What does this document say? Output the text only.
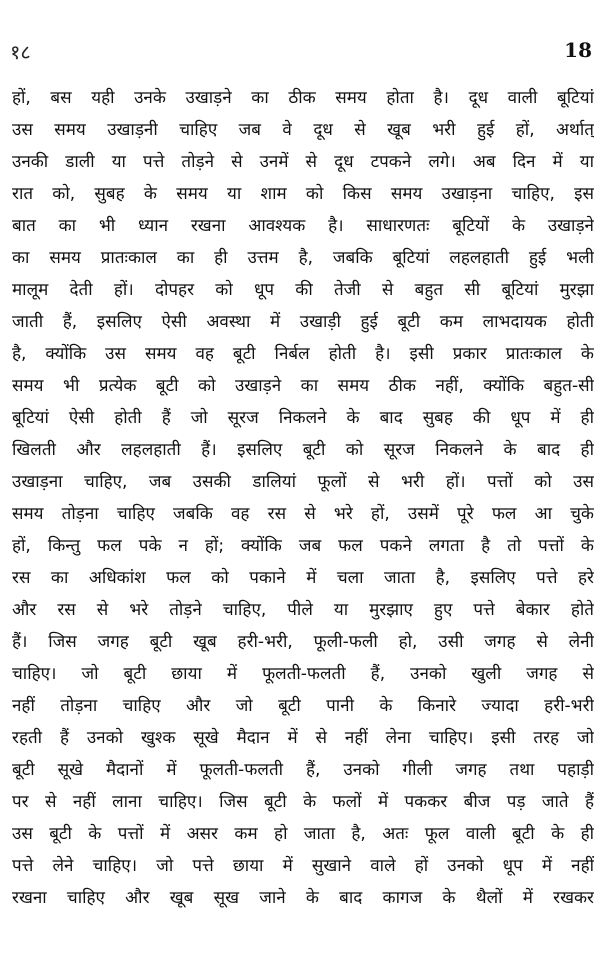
१८	18
हों, बस यही उनके उखाड़ने का ठीक समय होता है। दूध वाली बूटियां
उस समय उखाड़नी चाहिए जब वे दूध से खूब भरी हुई हों, अर्थात्
उनकी डाली या पत्ते तोड़ने से उनमें से दूध टपकने लगे। अब दिन में या
रात को, सुबह के समय या शाम को किस समय उखाड़ना चाहिए, इस
बात का भी ध्यान रखना आवश्यक है। साधारणतः बूटियों के उखाड़ने
का समय प्रातःकाल का ही उत्तम है, जबकि बूटियां लहलहाती हुई भली
मालूम देती हों। दोपहर को धूप की तेजी से बहुत सी बूटियां मुरझा
जाती हैं, इसलिए ऐसी अवस्था में उखाड़ी हुई बूटी कम लाभदायक होती
है, क्योंकि उस समय वह बूटी निर्बल होती है। इसी प्रकार प्रातःकाल के
समय भी प्रत्येक बूटी को उखाड़ने का समय ठीक नहीं, क्योंकि बहुत-सी
बूटियां ऐसी होती हैं जो सूरज निकलने के बाद सुबह की धूप में ही
खिलती और लहलहाती हैं। इसलिए बूटी को सूरज निकलने के बाद ही
उखाड़ना चाहिए, जब उसकी डालियां फूलों से भरी हों। पत्तों को उस
समय तोड़ना चाहिए जबकि वह रस से भरे हों, उसमें पूरे फल आ चुके
हों, किन्तु फल पके न हों; क्योंकि जब फल पकने लगता है तो पत्तों के
रस का अधिकांश फल को पकाने में चला जाता है, इसलिए पत्ते हरे
और रस से भरे तोड़ने चाहिए, पीले या मुरझाए हुए पत्ते बेकार होते
हैं। जिस जगह बूटी खूब हरी-भरी, फूली-फली हो, उसी जगह से लेनी
चाहिए। जो बूटी छाया में फूलती-फलती हैं, उनको खुली जगह से
नहीं तोड़ना चाहिए और जो बूटी पानी के किनारे ज्यादा हरी-भरी
रहती हैं उनको खुश्क सूखे मैदान में से नहीं लेना चाहिए। इसी तरह जो
बूटी सूखे मैदानों में फूलती-फलती हैं, उनको गीली जगह तथा पहाड़ी
पर से नहीं लाना चाहिए। जिस बूटी के फलों में पककर बीज पड़ जाते हैं
उस बूटी के पत्तों में असर कम हो जाता है, अतः फूल वाली बूटी के ही
पत्ते लेने चाहिए। जो पत्ते छाया में सुखाने वाले हों उनको धूप में नहीं
रखना चाहिए और खूब सूख जाने के बाद कागज के थैलों में रखकर
